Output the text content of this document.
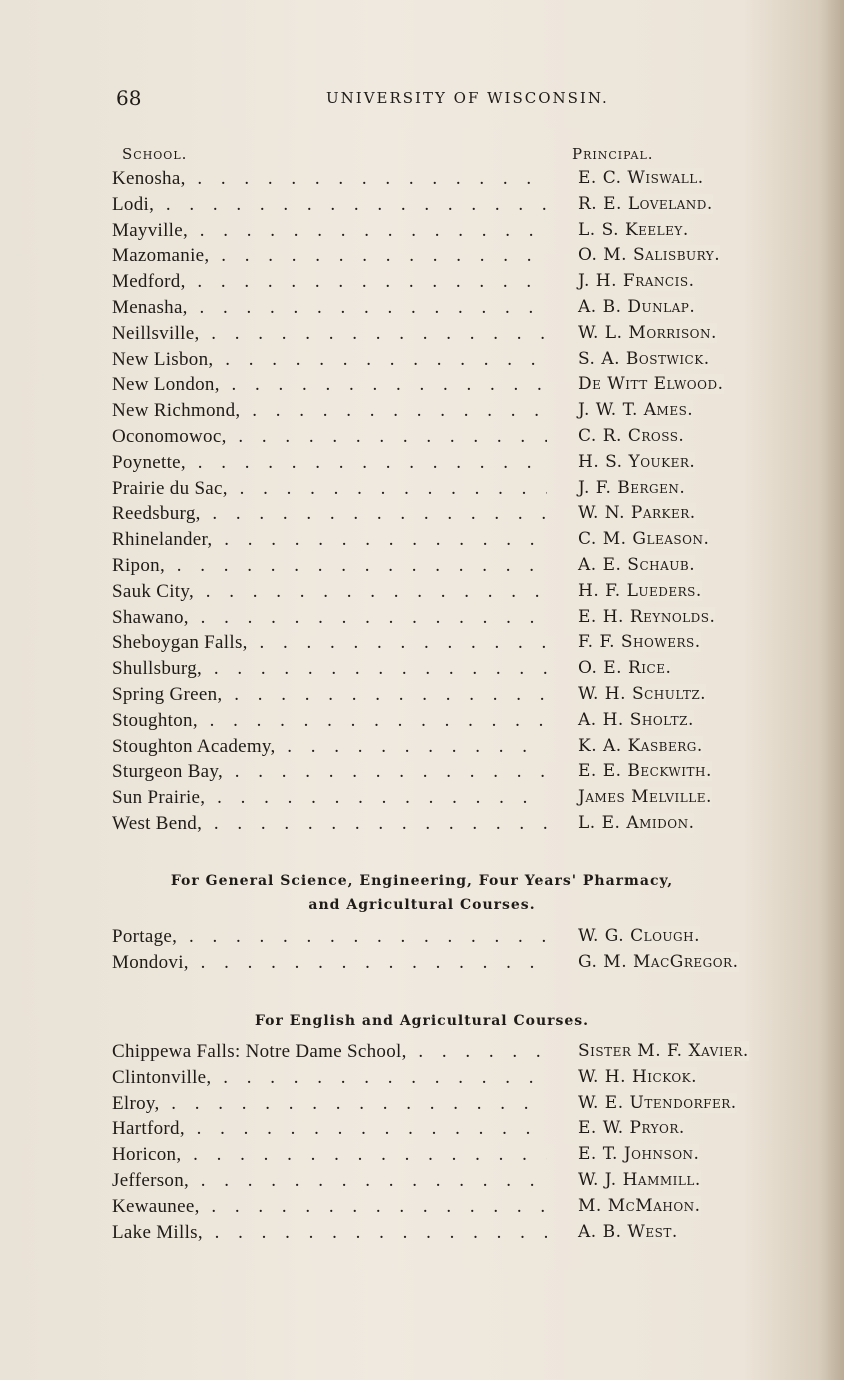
68	UNIVERSITY OF WISCONSIN.
School.	Principal.
Kenosha, . . .	E. C. Wiswall.
Lodi, . . .	R. E. Loveland.
Mayville, . . .	L. S. Keeley.
Mazomanie, . . .	O. M. Salisbury.
Medford, . . .	J. H. Francis.
Menasha, . . .	A. B. Dunlap.
Neillsville, . . .	W. L. Morrison.
New Lisbon, . . .	S. A. Bostwick.
New London, . . .	De Witt Elwood.
New Richmond, . . .	J. W. T. Ames.
Oconomowoc, . . .	C. R. Cross.
Poynette, . . .	H. S. Youker.
Prairie du Sac, . . .	J. F. Bergen.
Reedsburg, . . .	W. N. Parker.
Rhinelander, . . .	C. M. Gleason.
Ripon, . . .	A. E. Schaub.
Sauk City, . . .	H. F. Lueders.
Shawano, . . .	E. H. Reynolds.
Sheboygan Falls, . . .	F. F. Showers.
Shullsburg, . . .	O. E. Rice.
Spring Green, . . .	W. H. Schultz.
Stoughton, . . .	A. H. Sholtz.
Stoughton Academy, . . .	K. A. Kasberg.
Sturgeon Bay, . . .	E. E. Beckwith.
Sun Prairie, . . .	James Melville.
West Bend, . . .	L. E. Amidon.
For General Science, Engineering, Four Years' Pharmacy,
and Agricultural Courses.
Portage, . . .	W. G. Clough.
Mondovi, . . .	G. M. MacGregor.
For English and Agricultural Courses.
Chippewa Falls: Notre Dame School, . . .	Sister M. F. Xavier.
Clintonville, . . .	W. H. Hickok.
Elroy, . . .	W. E. Utendorfer.
Hartford, . . .	E. W. Pryor.
Horicon, . . .	E. T. Johnson.
Jefferson, . . .	W. J. Hammill.
Kewaunee, . . .	M. McMahon.
Lake Mills, . . .	A. B. West.
